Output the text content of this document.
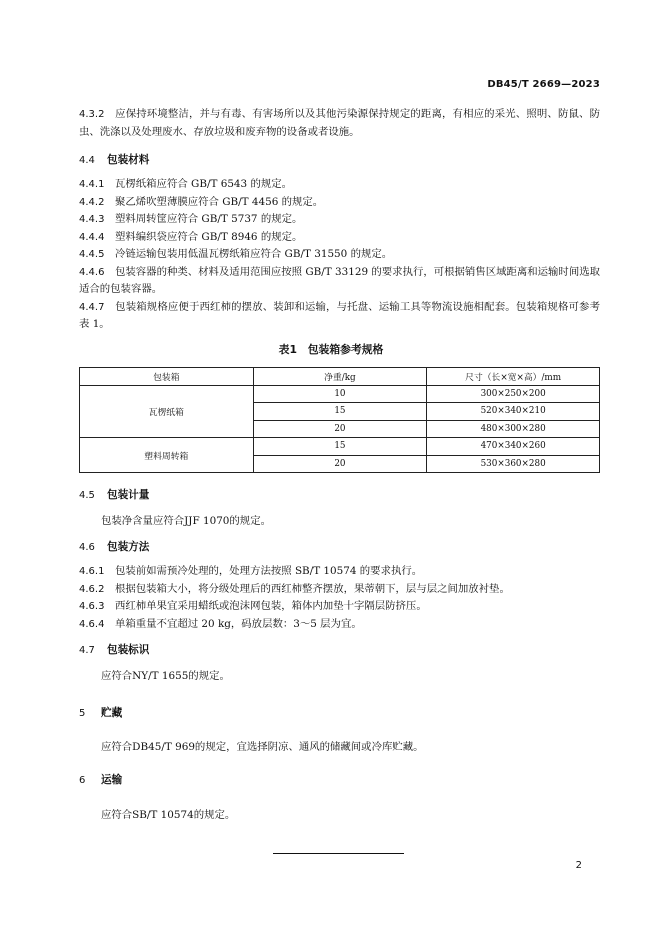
DB45/T 2669—2023

4.3.2 应保持环境整洁，并与有毒、有害场所以及其他污染源保持规定的距离，有相应的采光、照明、防鼠、防虫、洗涤以及处理废水、存放垃圾和废弃物的设备或者设施。

4.4 包装材料

4.4.1 瓦楞纸箱应符合 GB/T 6543 的规定。

4.4.2 聚乙烯吹塑薄膜应符合 GB/T 4456 的规定。

4.4.3 塑料周转筐应符合 GB/T 5737 的规定。

4.4.4 塑料编织袋应符合 GB/T 8946 的规定。

4.4.5 冷链运输包装用低温瓦楞纸箱应符合 GB/T 31550 的规定。

4.4.6 包装容器的种类、材料及适用范围应按照 GB/T 33129 的要求执行，可根据销售区域距离和运输时间选取适合的包装容器。

4.4.7 包装箱规格应便于西红柿的摆放、装卸和运输，与托盘、运输工具等物流设施相配套。包装箱规格可参考表 1。

表1　包装箱参考规格
包装箱	净重/kg	尺寸（长×宽×高）/mm
瓦楞纸箱	10	300×250×200
	15	520×340×210
	20	480×300×280
塑料周转箱	15	470×340×260
	20	530×360×280

4.5 包装计量

包装净含量应符合JJF 1070的规定。

4.6 包装方法

4.6.1 包装前如需预冷处理的，处理方法按照 SB/T 10574 的要求执行。

4.6.2 根据包装箱大小，将分级处理后的西红柿整齐摆放，果蒂朝下，层与层之间加放衬垫。

4.6.3 西红柿单果宜采用蜡纸或泡沫网包装，箱体内加垫十字隔层防挤压。

4.6.4 单箱重量不宜超过 20 kg，码放层数：3～5 层为宜。

4.7 包装标识

应符合NY/T 1655的规定。

5 贮藏

应符合DB45/T 969的规定，宜选择阴凉、通风的储藏间或冷库贮藏。

6 运输

应符合SB/T 10574的规定。

2
